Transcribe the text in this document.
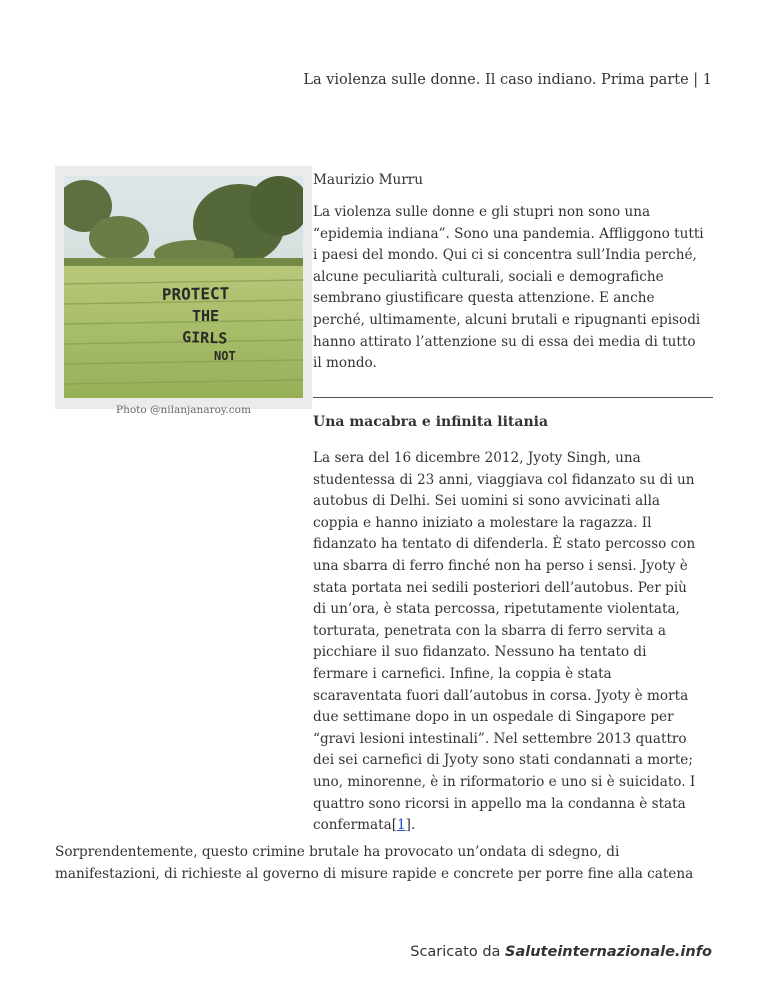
La violenza sulle donne. Il caso indiano. Prima parte | 1
PROTECT
THE
GIRLS
NOT
Photo @nilanjanaroy.com
Maurizio Murru
La violenza sulle donne e gli stupri non sono una
“epidemia indiana”. Sono una pandemia. Affliggono tutti
i paesi del mondo. Qui ci si concentra sull’India perché,
alcune peculiarità culturali, sociali e demografiche
sembrano giustificare questa attenzione. E anche
perché, ultimamente, alcuni brutali e ripugnanti episodi
hanno attirato l’attenzione su di essa dei media di tutto
il mondo.
Una macabra e infinita litania
La sera del 16 dicembre 2012, Jyoty Singh, una
studentessa di 23 anni, viaggiava col fidanzato su di un
autobus di Delhi. Sei uomini si sono avvicinati alla
coppia e hanno iniziato a molestare la ragazza. Il
fidanzato ha tentato di difenderla. È stato percosso con
una sbarra di ferro finché non ha perso i sensi. Jyoty è
stata portata nei sedili posteriori dell’autobus. Per più
di un’ora, è stata percossa, ripetutamente violentata,
torturata, penetrata con la sbarra di ferro servita a
picchiare il suo fidanzato. Nessuno ha tentato di
fermare i carnefici. Infine, la coppia è stata
scaraventata fuori dall’autobus in corsa. Jyoty è morta
due settimane dopo in un ospedale di Singapore per
“gravi lesioni intestinali”. Nel settembre 2013 quattro
dei sei carnefici di Jyoty sono stati condannati a morte;
uno, minorenne, è in riformatorio e uno si è suicidato. I
quattro sono ricorsi in appello ma la condanna è stata
confermata[1].
Sorprendentemente, questo crimine brutale ha provocato un’ondata di sdegno, di
manifestazioni, di richieste al governo di misure rapide e concrete per porre fine alla catena
Scaricato da Saluteinternazionale.info
